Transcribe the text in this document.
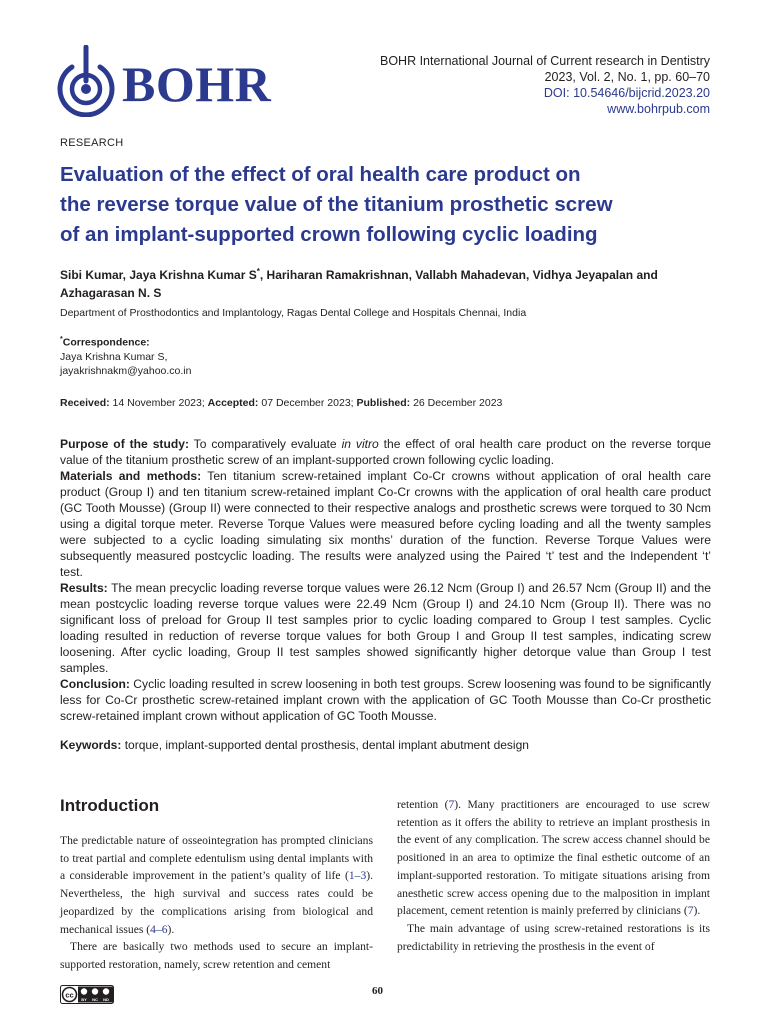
BOHR	BOHR International Journal of Current research in Dentistry
2023, Vol. 2, No. 1, pp. 60–70
DOI: 10.54646/bijcrid.2023.20
www.bohrpub.com
RESEARCH
Evaluation of the effect of oral health care product on
the reverse torque value of the titanium prosthetic screw
of an implant-supported crown following cyclic loading
Sibi Kumar, Jaya Krishna Kumar S*, Hariharan Ramakrishnan, Vallabh Mahadevan, Vidhya Jeyapalan and
Azhagarasan N. S
Department of Prosthodontics and Implantology, Ragas Dental College and Hospitals Chennai, India
*Correspondence:
Jaya Krishna Kumar S,
jayakrishnakm@yahoo.co.in
Received: 14 November 2023; Accepted: 07 December 2023; Published: 26 December 2023

Purpose of the study: To comparatively evaluate in vitro the effect of oral health care product on the reverse torque value of the titanium prosthetic screw of an implant-supported crown following cyclic loading.

Materials and methods: Ten titanium screw-retained implant Co-Cr crowns without application of oral health care product (Group I) and ten titanium screw-retained implant Co-Cr crowns with the application of oral health care product (GC Tooth Mousse) (Group II) were connected to their respective analogs and prosthetic screws were torqued to 30 Ncm using a digital torque meter. Reverse Torque Values were measured before cycling loading and all the twenty samples were subjected to a cyclic loading simulating six months’ duration of the function. Reverse Torque Values were subsequently measured postcyclic loading. The results were analyzed using the Paired ‘t’ test and the Independent ‘t’ test.

Results: The mean precyclic loading reverse torque values were 26.12 Ncm (Group I) and 26.57 Ncm (Group II) and the mean postcyclic loading reverse torque values were 22.49 Ncm (Group I) and 24.10 Ncm (Group II). There was no significant loss of preload for Group II test samples prior to cyclic loading compared to Group I test samples. Cyclic loading resulted in reduction of reverse torque values for both Group I and Group II test samples, indicating screw loosening. After cyclic loading, Group II test samples showed significantly higher detorque value than Group I test samples.

Conclusion: Cyclic loading resulted in screw loosening in both test groups. Screw loosening was found to be significantly less for Co-Cr prosthetic screw-retained implant crown with the application of GC Tooth Mousse than Co-Cr prosthetic screw-retained implant crown without application of GC Tooth Mousse.

Keywords: torque, implant-supported dental prosthesis, dental implant abutment design
Introduction

The predictable nature of osseointegration has prompted clinicians to treat partial and complete edentulism using dental implants with a considerable improvement in the patient’s quality of life (1–3). Nevertheless, the high survival and success rates could be jeopardized by the complications arising from biological and mechanical issues (4–6).

There are basically two methods used to secure an implant-supported restoration, namely, screw retention and cement

retention (7). Many practitioners are encouraged to use screw retention as it offers the ability to retrieve an implant prosthesis in the event of any complication. The screw access channel should be positioned in an area to optimize the final esthetic outcome of an implant-supported restoration. To mitigate situations arising from anesthetic screw access opening due to the malposition in implant placement, cement retention is mainly preferred by clinicians (7).

The main advantage of using screw-retained restorations is its predictability in retrieving the prosthesis in the event of

cc
BY NC ND
60
